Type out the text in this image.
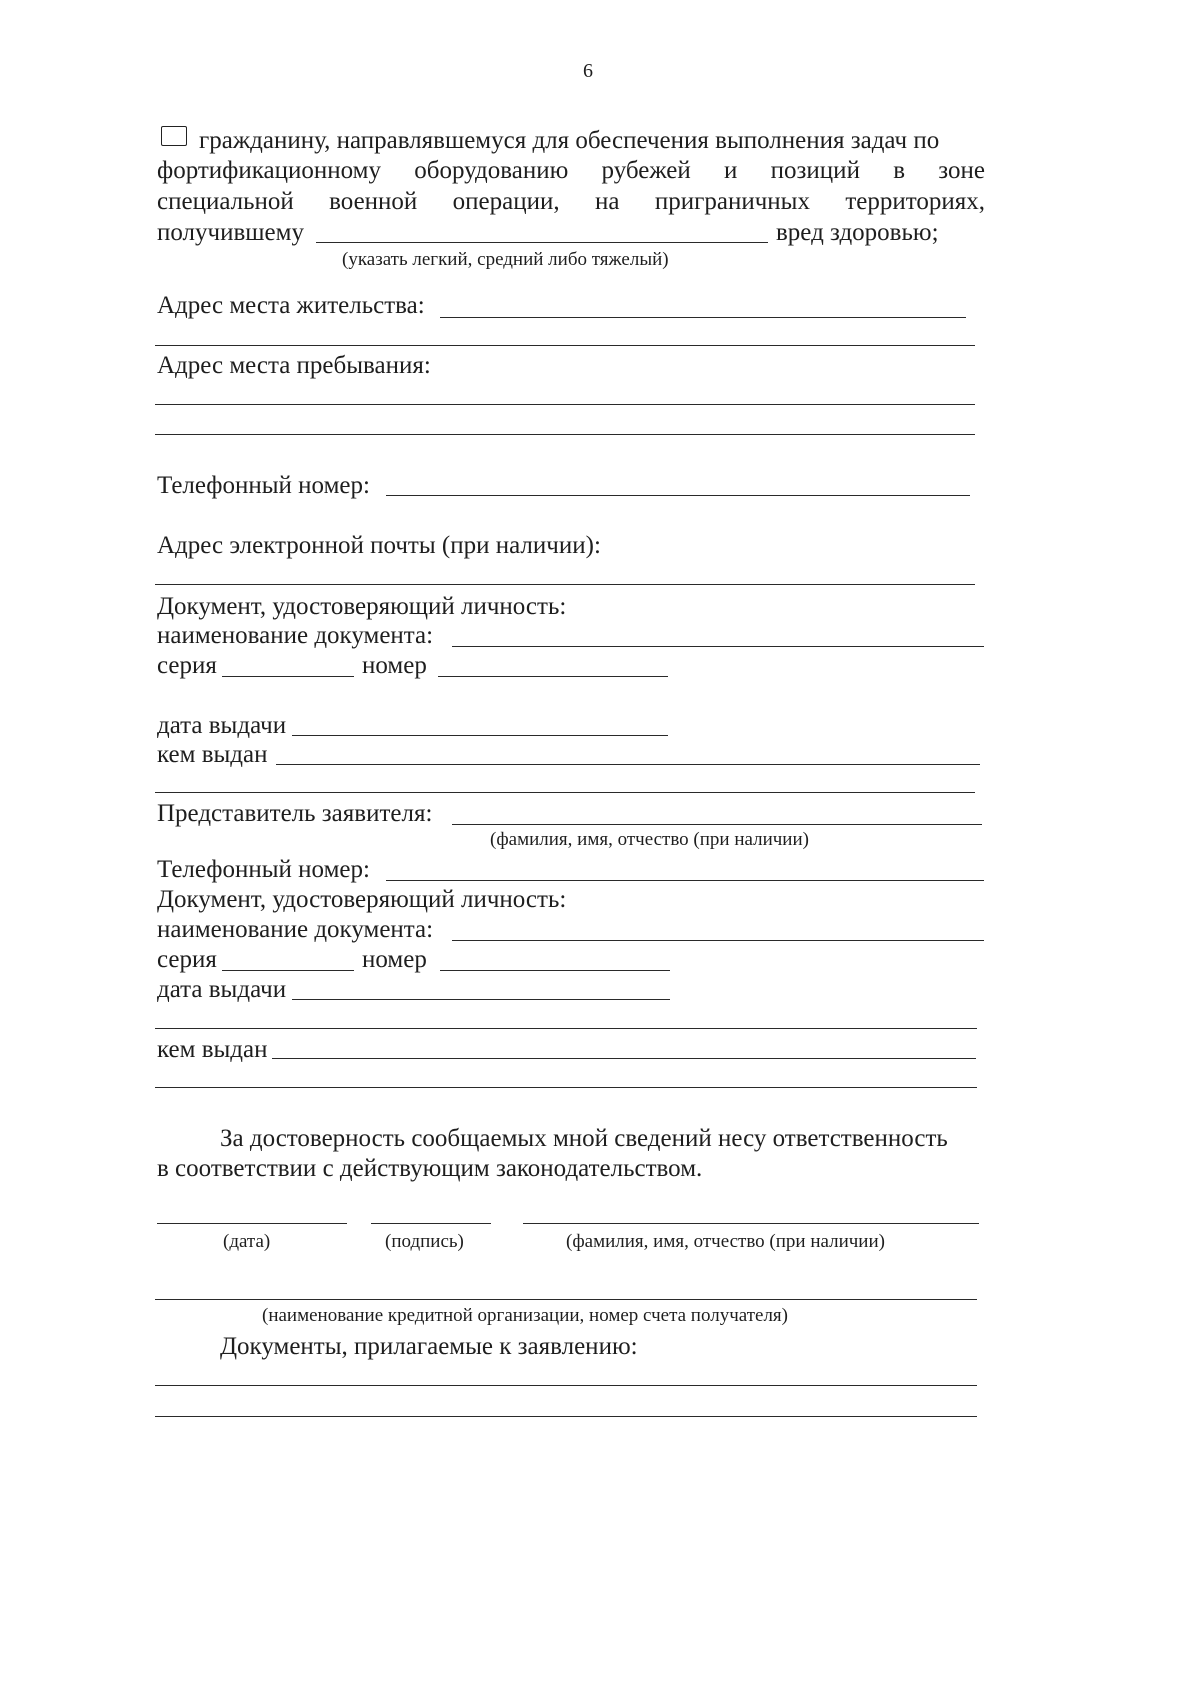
6
гражданину, направлявшемуся для обеспечения выполнения задач по
фортификационному оборудованию рубежей и позиций в зоне
специальной военной операции, на приграничных территориях,
получившему	вред здоровью;
(указать легкий, средний либо тяжелый)
Адрес места жительства:
Адрес места пребывания:
Телефонный номер:
Адрес электронной почты (при наличии):
Документ, удостоверяющий личность:
наименование документа:
серия	номер
дата выдачи
кем выдан
Представитель заявителя:
(фамилия, имя, отчество (при наличии)
Телефонный номер:
Документ, удостоверяющий личность:
наименование документа:
серия	номер
дата выдачи
кем выдан
За достоверность сообщаемых мной сведений несу ответственность
в соответствии с действующим законодательством.
(дата)	(подпись)	(фамилия, имя, отчество (при наличии)
(наименование кредитной организации, номер счета получателя)
Документы, прилагаемые к заявлению:
